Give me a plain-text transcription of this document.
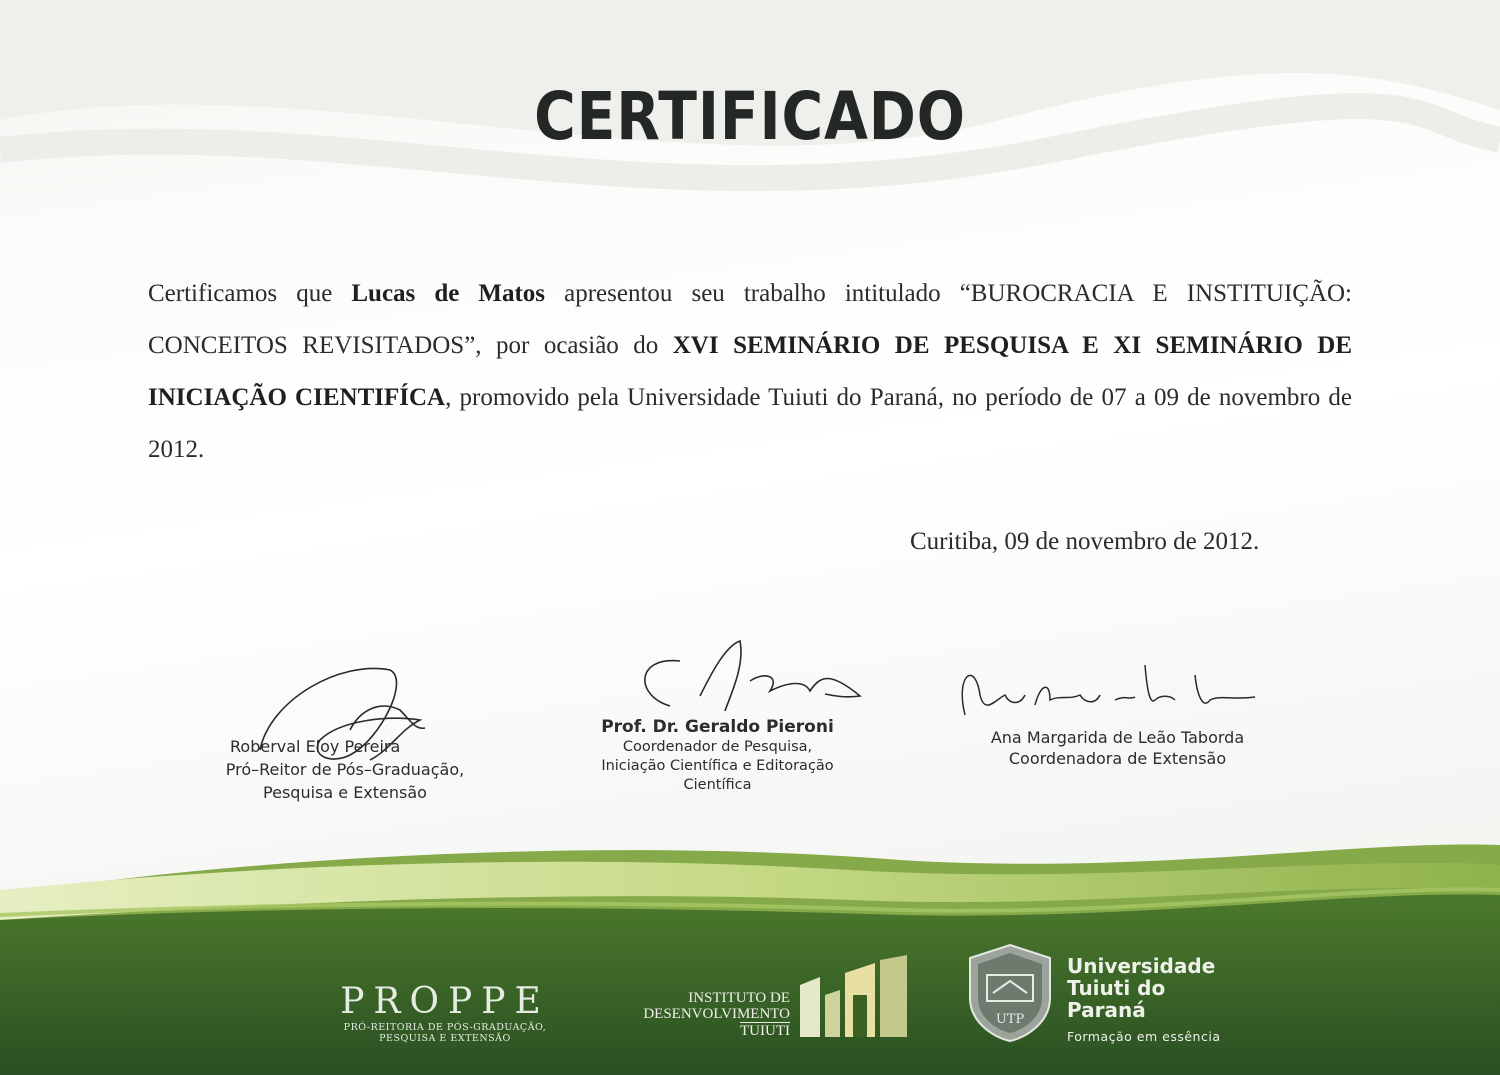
CERTIFICADO
Certificamos que Lucas de Matos apresentou seu trabalho intitulado “BUROCRACIA E INSTITUIÇÃO: CONCEITOS REVISITADOS”, por ocasião do XVI SEMINÁRIO DE PESQUISA E XI SEMINÁRIO DE INICIAÇÃO CIENTIFÍCA, promovido pela Universidade Tuiuti do Paraná, no período de 07 a 09 de novembro de 2012.
Curitiba, 09 de novembro de 2012.
Roberval Eloy Pereira
Pró–Reitor de Pós–Graduação,
Pesquisa e Extensão
Prof. Dr. Geraldo Pieroni
Coordenador de Pesquisa,
Iniciação Científica e Editoração
Científica
Ana Margarida de Leão Taborda
Coordenadora de Extensão
PROPPE
PRÓ-REITORIA DE PÓS-GRADUAÇÃO,
PESQUISA E EXTENSÃO
INSTITUTO DE
DESENVOLVIMENTO
TUIUTI
UTP
Universidade
Tuiuti do
Paraná
Formação em essência
